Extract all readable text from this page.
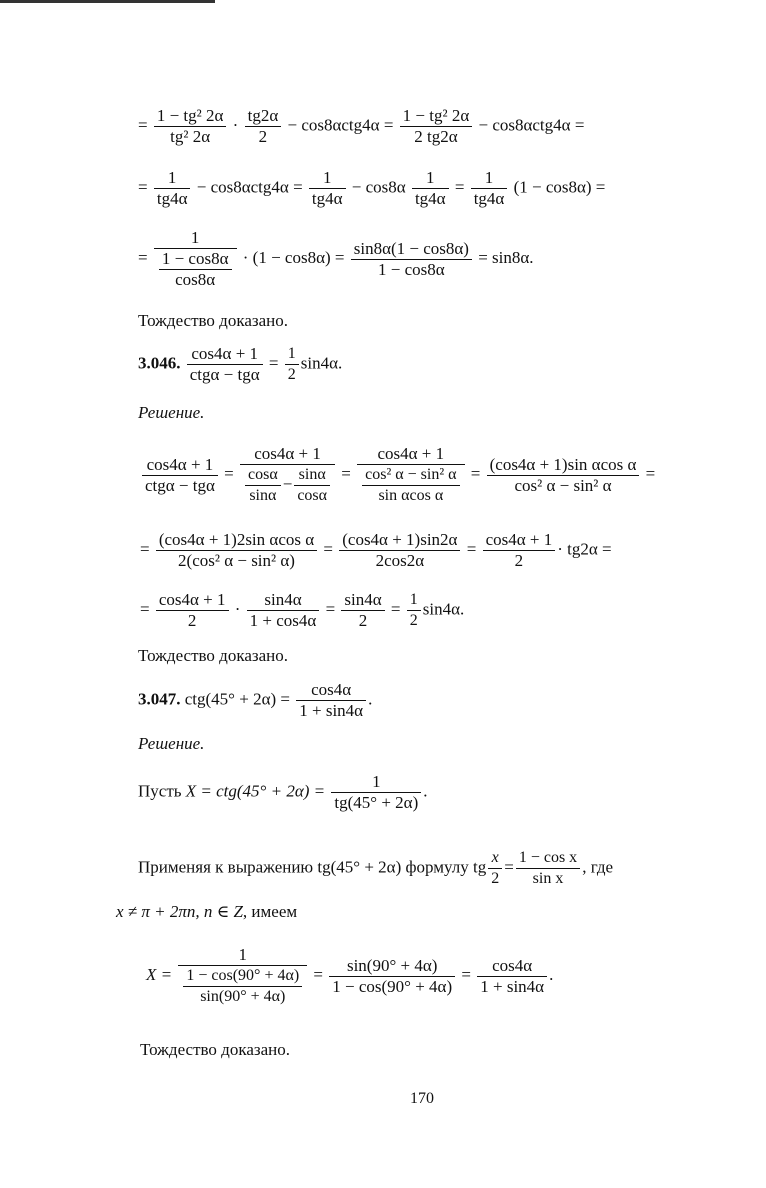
= $\frac{\text{1 − tg² 2α}}{\text{tg² 2α}} \cdot \frac{tg2\alpha}{2} - \cos 8\alpha ctg4\alpha = \frac{\text{1 − tg² 2α}}{2 tg2\alpha} - \cos 8\alpha ctg4\alpha$ =
= $\frac{1}{tg4\alpha} - \cos 8\alpha ctg4\alpha = \frac{1}{tg4\alpha} - \cos 8\alpha \frac{1}{tg4\alpha} = \frac{1}{tg4\alpha} (1 - \cos 8\alpha)$ =
= $\frac{1}{\frac{1 - \cos 8\alpha}{\cos 8\alpha}} \cdot (1 - \cos 8\alpha) = \frac{\sin 8\alpha(1 - \cos 8\alpha)}{1 - \cos 8\alpha} = \sin 8\alpha$.
Тождество доказано.
3.046. cos4α + 1
ctgα − tgα
= $\frac{1}{2} \sin 4\alpha$.
Решение.
cos4α + 1
ctgα − tgα
= $\frac{\cos 4\alpha + 1}{\frac{\cos\alpha}{\sin\alpha} - \frac{\sin\alpha}{\cos\alpha}} = \frac{\cos 4\alpha + 1}{\frac{\text{cos² α − sin² α}}{\text{sin αcos α}}} = \frac{\text{(cos4α + 1)sin αcos α}}{\text{cos² α − sin² α}}$ =
= $\frac{\text{(cos4α + 1)2sin αcos α}}{\text{2(cos² α − sin² α)}} = \frac{(\cos 4\alpha + 1)\sin 2\alpha}{2\cos 2\alpha} = \frac{\cos 4\alpha + 1}{2} \cdot tg2\alpha$ =
= $\frac{\cos 4\alpha + 1}{2} \cdot \frac{\sin 4\alpha}{1 + \cos 4\alpha} = \frac{\sin 4\alpha}{2} = \frac{1}{2} \sin 4\alpha$.
Тождество доказано.
3.047. $ctg(45^\circ + 2\alpha) = \frac{\cos 4\alpha}{1 + \sin 4\alpha}$ .
Решение.
Пусть $X = ctg(45^\circ + 2\alpha) = \frac{1}{tg(45^\circ + 2\alpha)}$ .
Применяя к выражению tg(45° + 2α) формулу tg $\frac{x}{2} = \frac{\text{1 − cos x}}{\text{sin x}}$ , где
x ≠ π + 2πn, n ∈ Z, имеем
$X = \frac{1}{\frac{1 - \cos(90^\circ + 4\alpha)}{\sin(90^\circ + 4\alpha)}} = \frac{\sin(90^\circ + 4\alpha)}{1 - \cos(90^\circ + 4\alpha)} = \frac{\cos 4\alpha}{1 + \sin 4\alpha}$ .
Тождество доказано.
170
